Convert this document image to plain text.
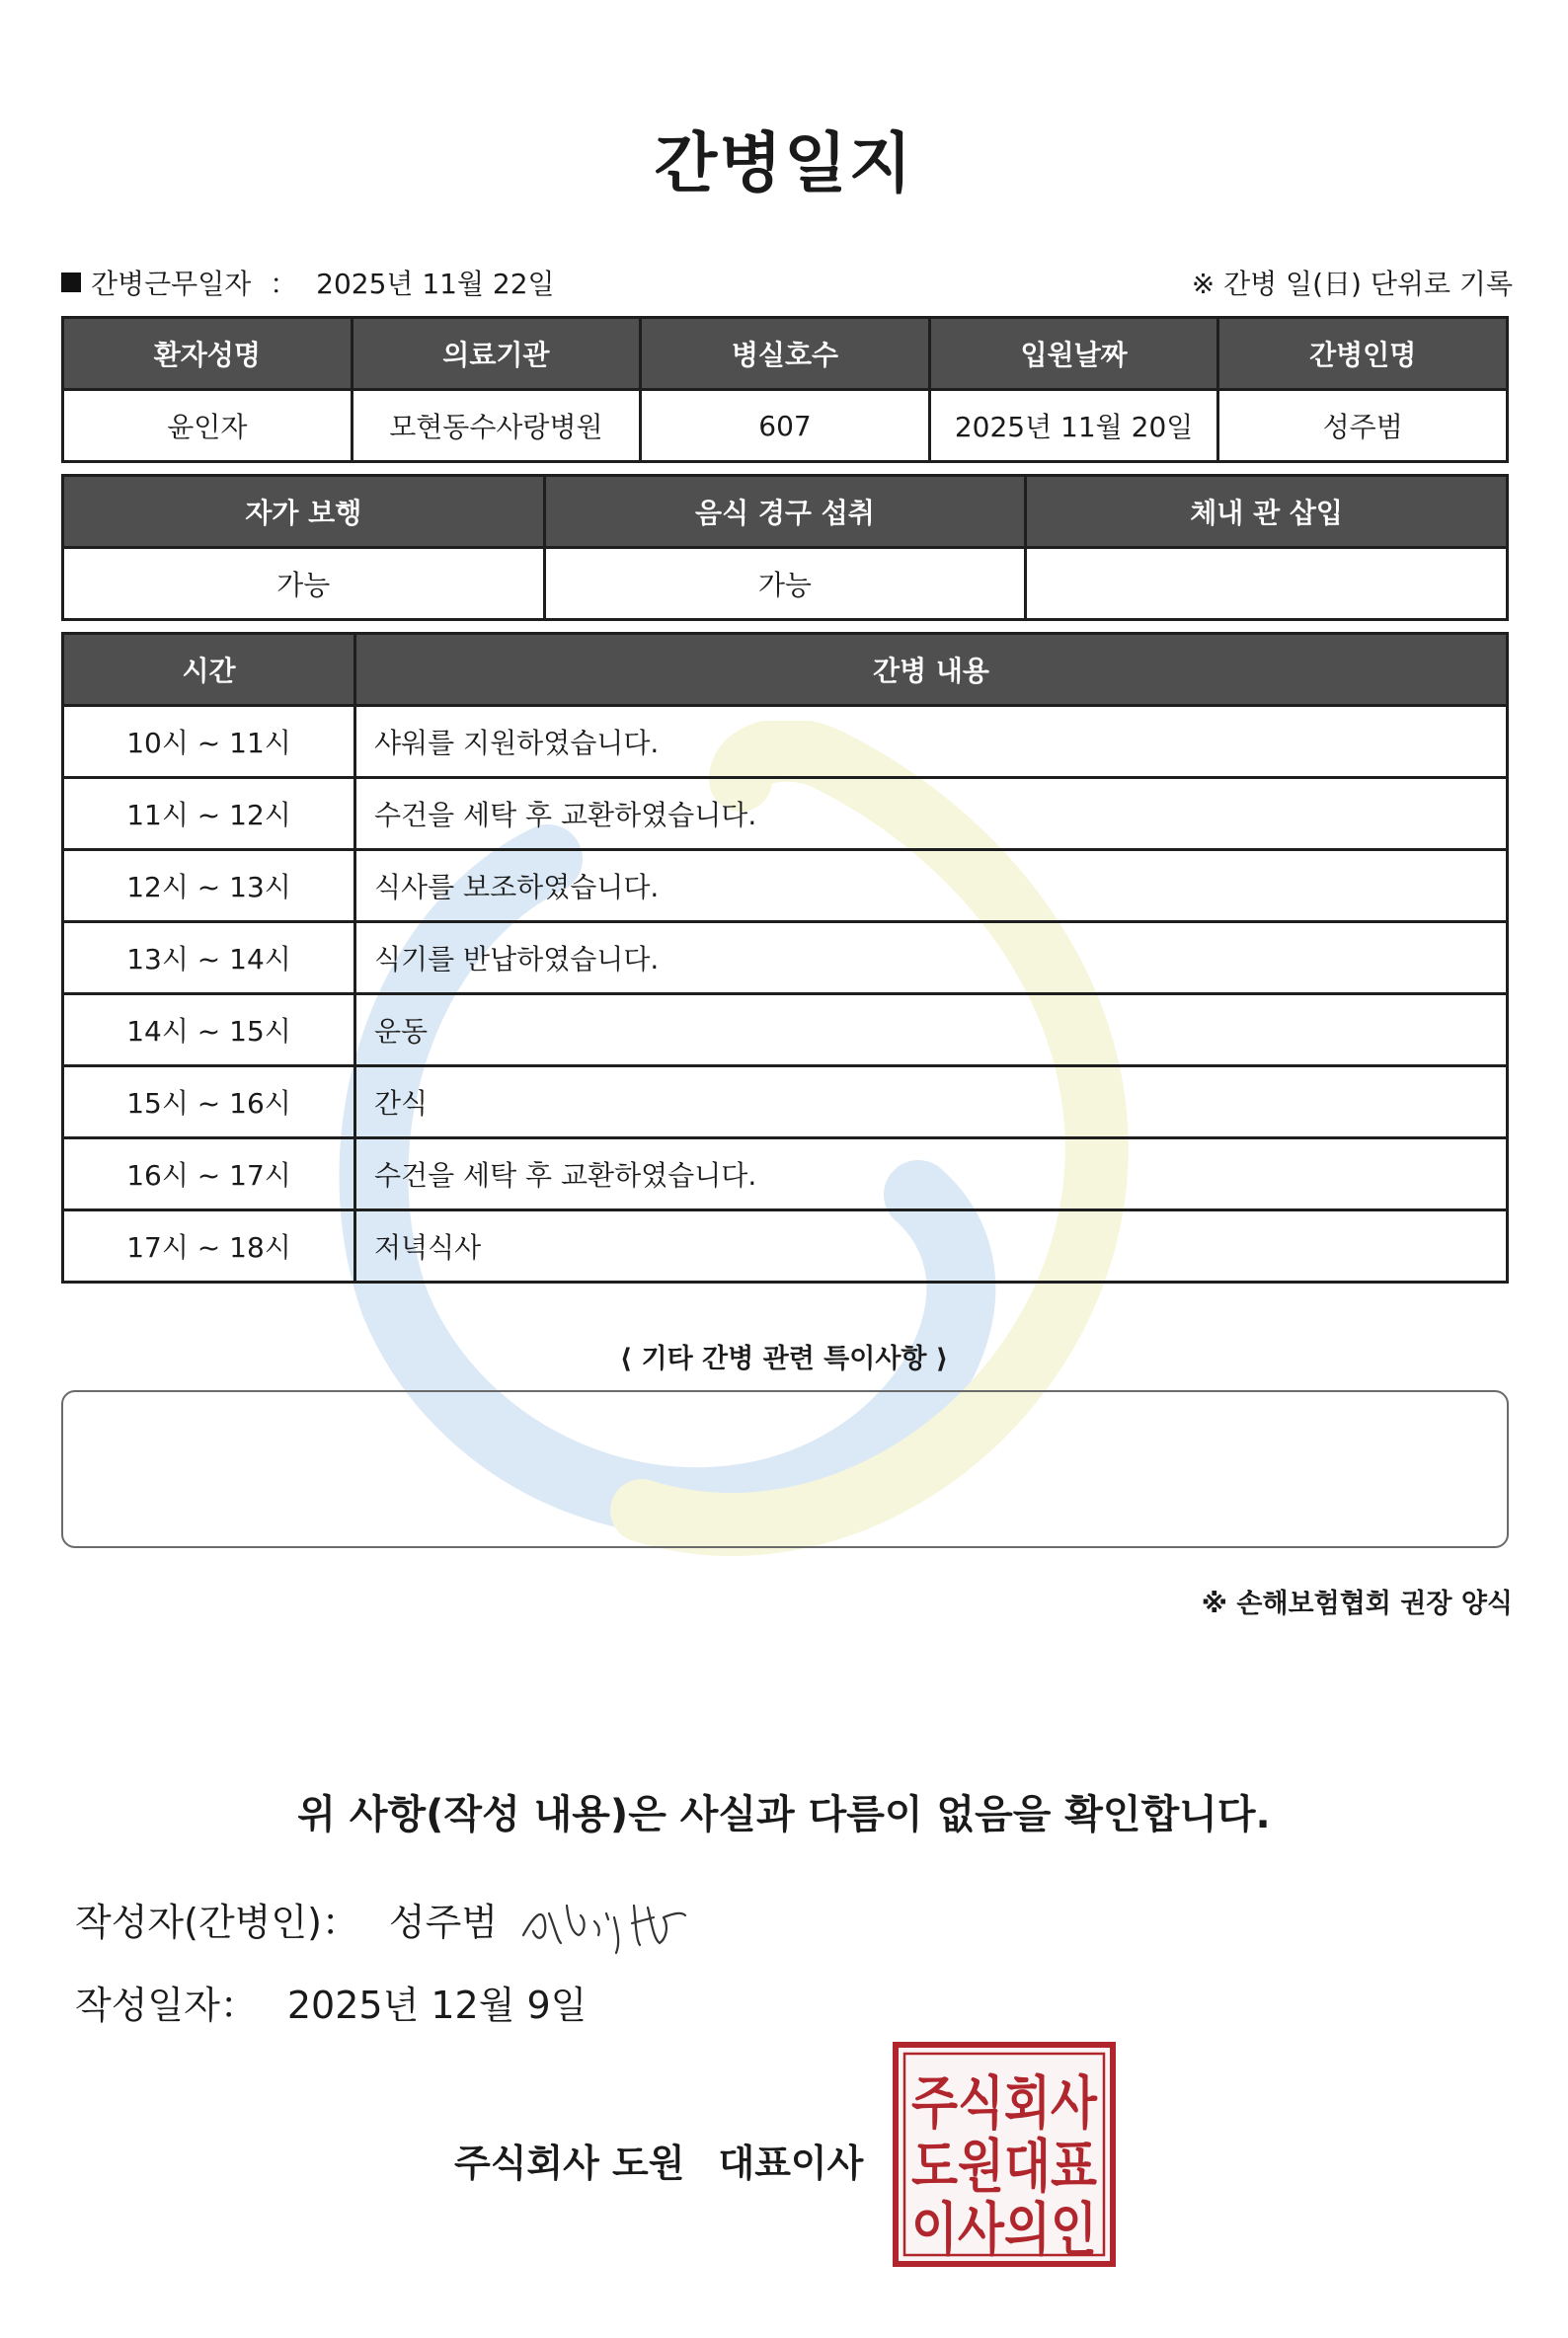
간병일지
간병근무일자 ： 2025년 11월 22일	※ 간병 일(日) 단위로 기록
환자성명	의료기관	병실호수	입원날짜	간병인명
윤인자	모현동수사랑병원	607	2025년 11월 20일	성주범
자가 보행	음식 경구 섭취	체내 관 삽입
가능	가능	
시간	간병 내용
10시 ~ 11시	샤워를 지원하였습니다.
11시 ~ 12시	수건을 세탁 후 교환하였습니다.
12시 ~ 13시	식사를 보조하였습니다.
13시 ~ 14시	식기를 반납하였습니다.
14시 ~ 15시	운동
15시 ~ 16시	간식
16시 ~ 17시	수건을 세탁 후 교환하였습니다.
17시 ~ 18시	저녁식사
⟨ 기타 간병 관련 특이사항 ⟩
※ 손해보험협회 권장 양식
위 사항(작성 내용)은 사실과 다름이 없음을 확인합니다.
작성자(간병인)： 성주범
작성일자： 2025년 12월 9일
주식회사 도원 대표이사
주식회사
도원대표
이사의인
